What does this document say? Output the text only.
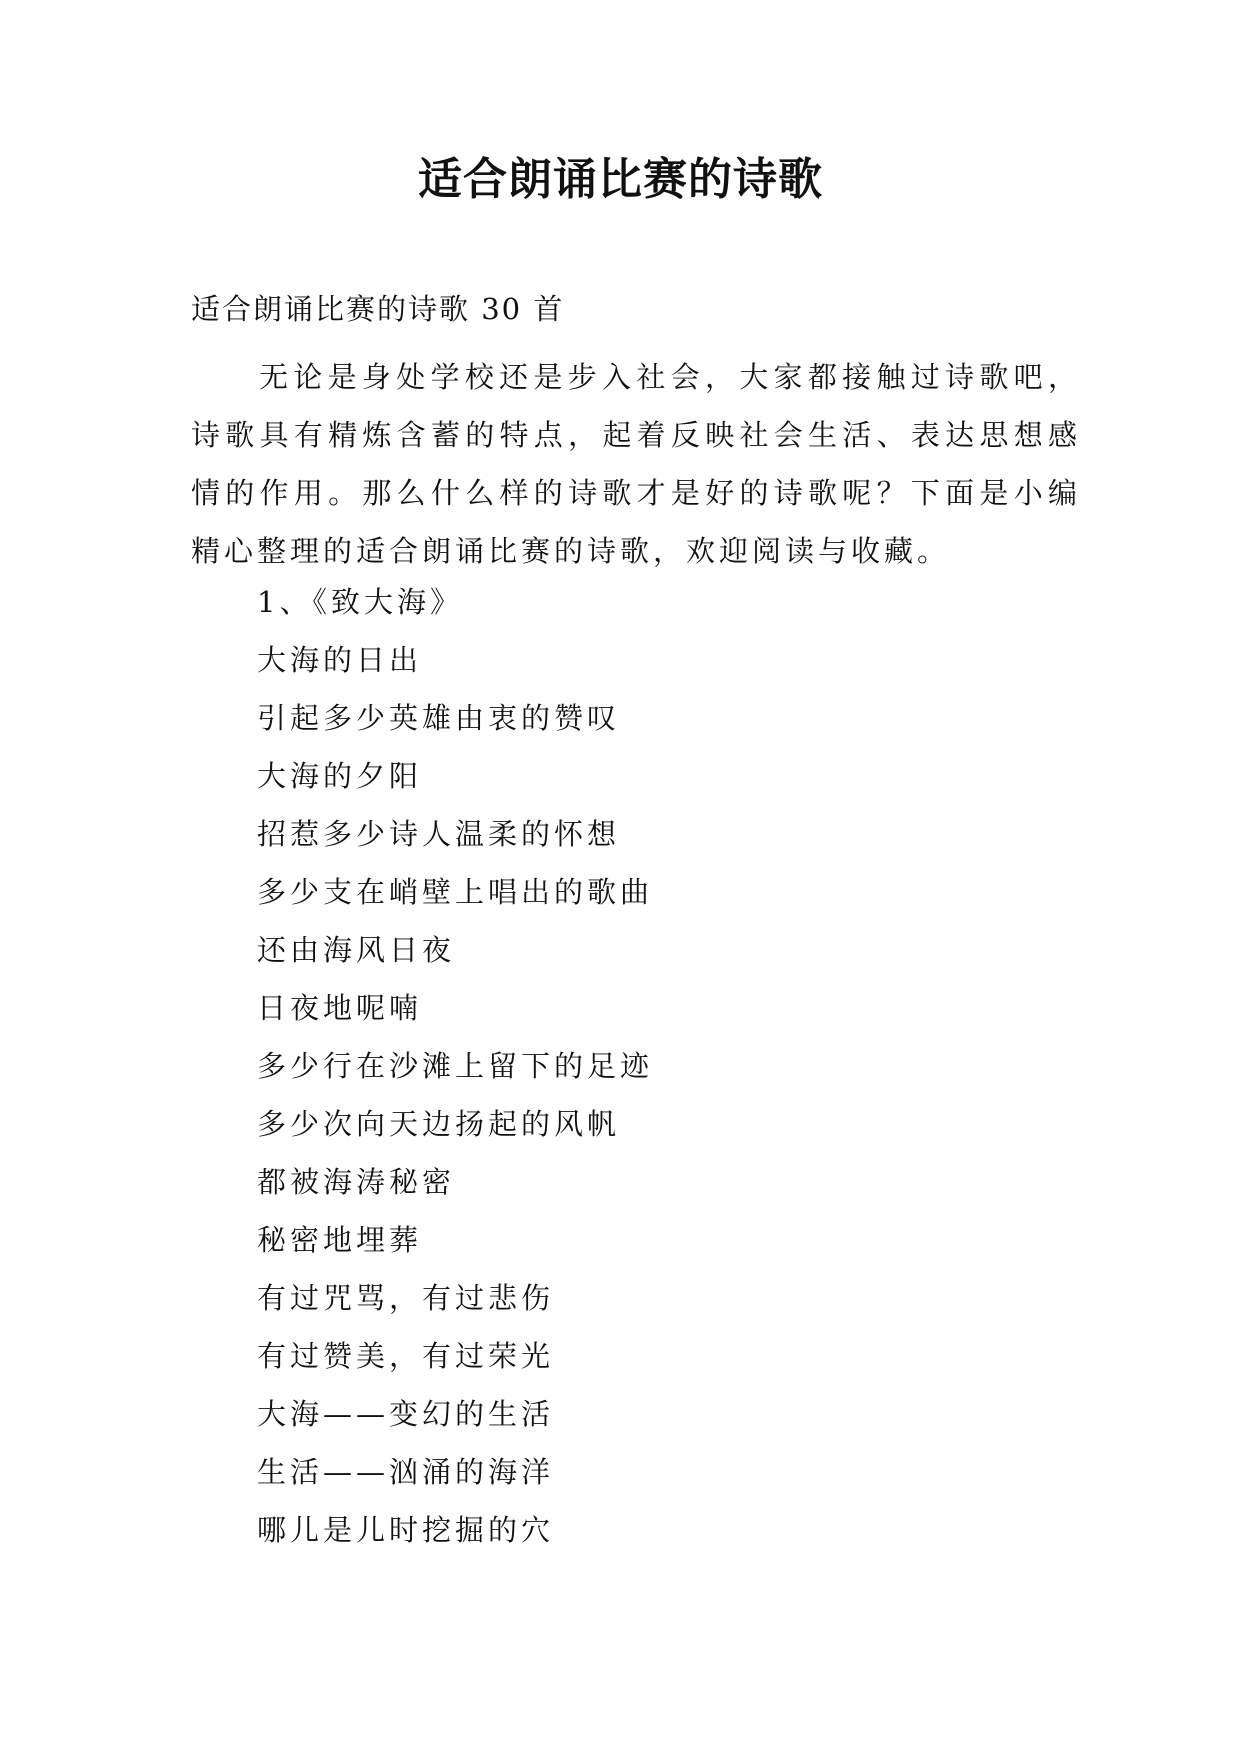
适合朗诵比赛的诗歌
适合朗诵比赛的诗歌 30 首

无论是身处学校还是步入社会，大家都接触过诗歌吧，诗歌具有精炼含蓄的特点，起着反映社会生活、表达思想感情的作用。那么什么样的诗歌才是好的诗歌呢？下面是小编精心整理的适合朗诵比赛的诗歌，欢迎阅读与收藏。

1、《致大海》
大海的日出
引起多少英雄由衷的赞叹
大海的夕阳
招惹多少诗人温柔的怀想
多少支在峭壁上唱出的歌曲
还由海风日夜
日夜地呢喃
多少行在沙滩上留下的足迹
多少次向天边扬起的风帆
都被海涛秘密
秘密地埋葬
有过咒骂，有过悲伤
有过赞美，有过荣光
大海——变幻的生活
生活——汹涌的海洋
哪儿是儿时挖掘的穴
